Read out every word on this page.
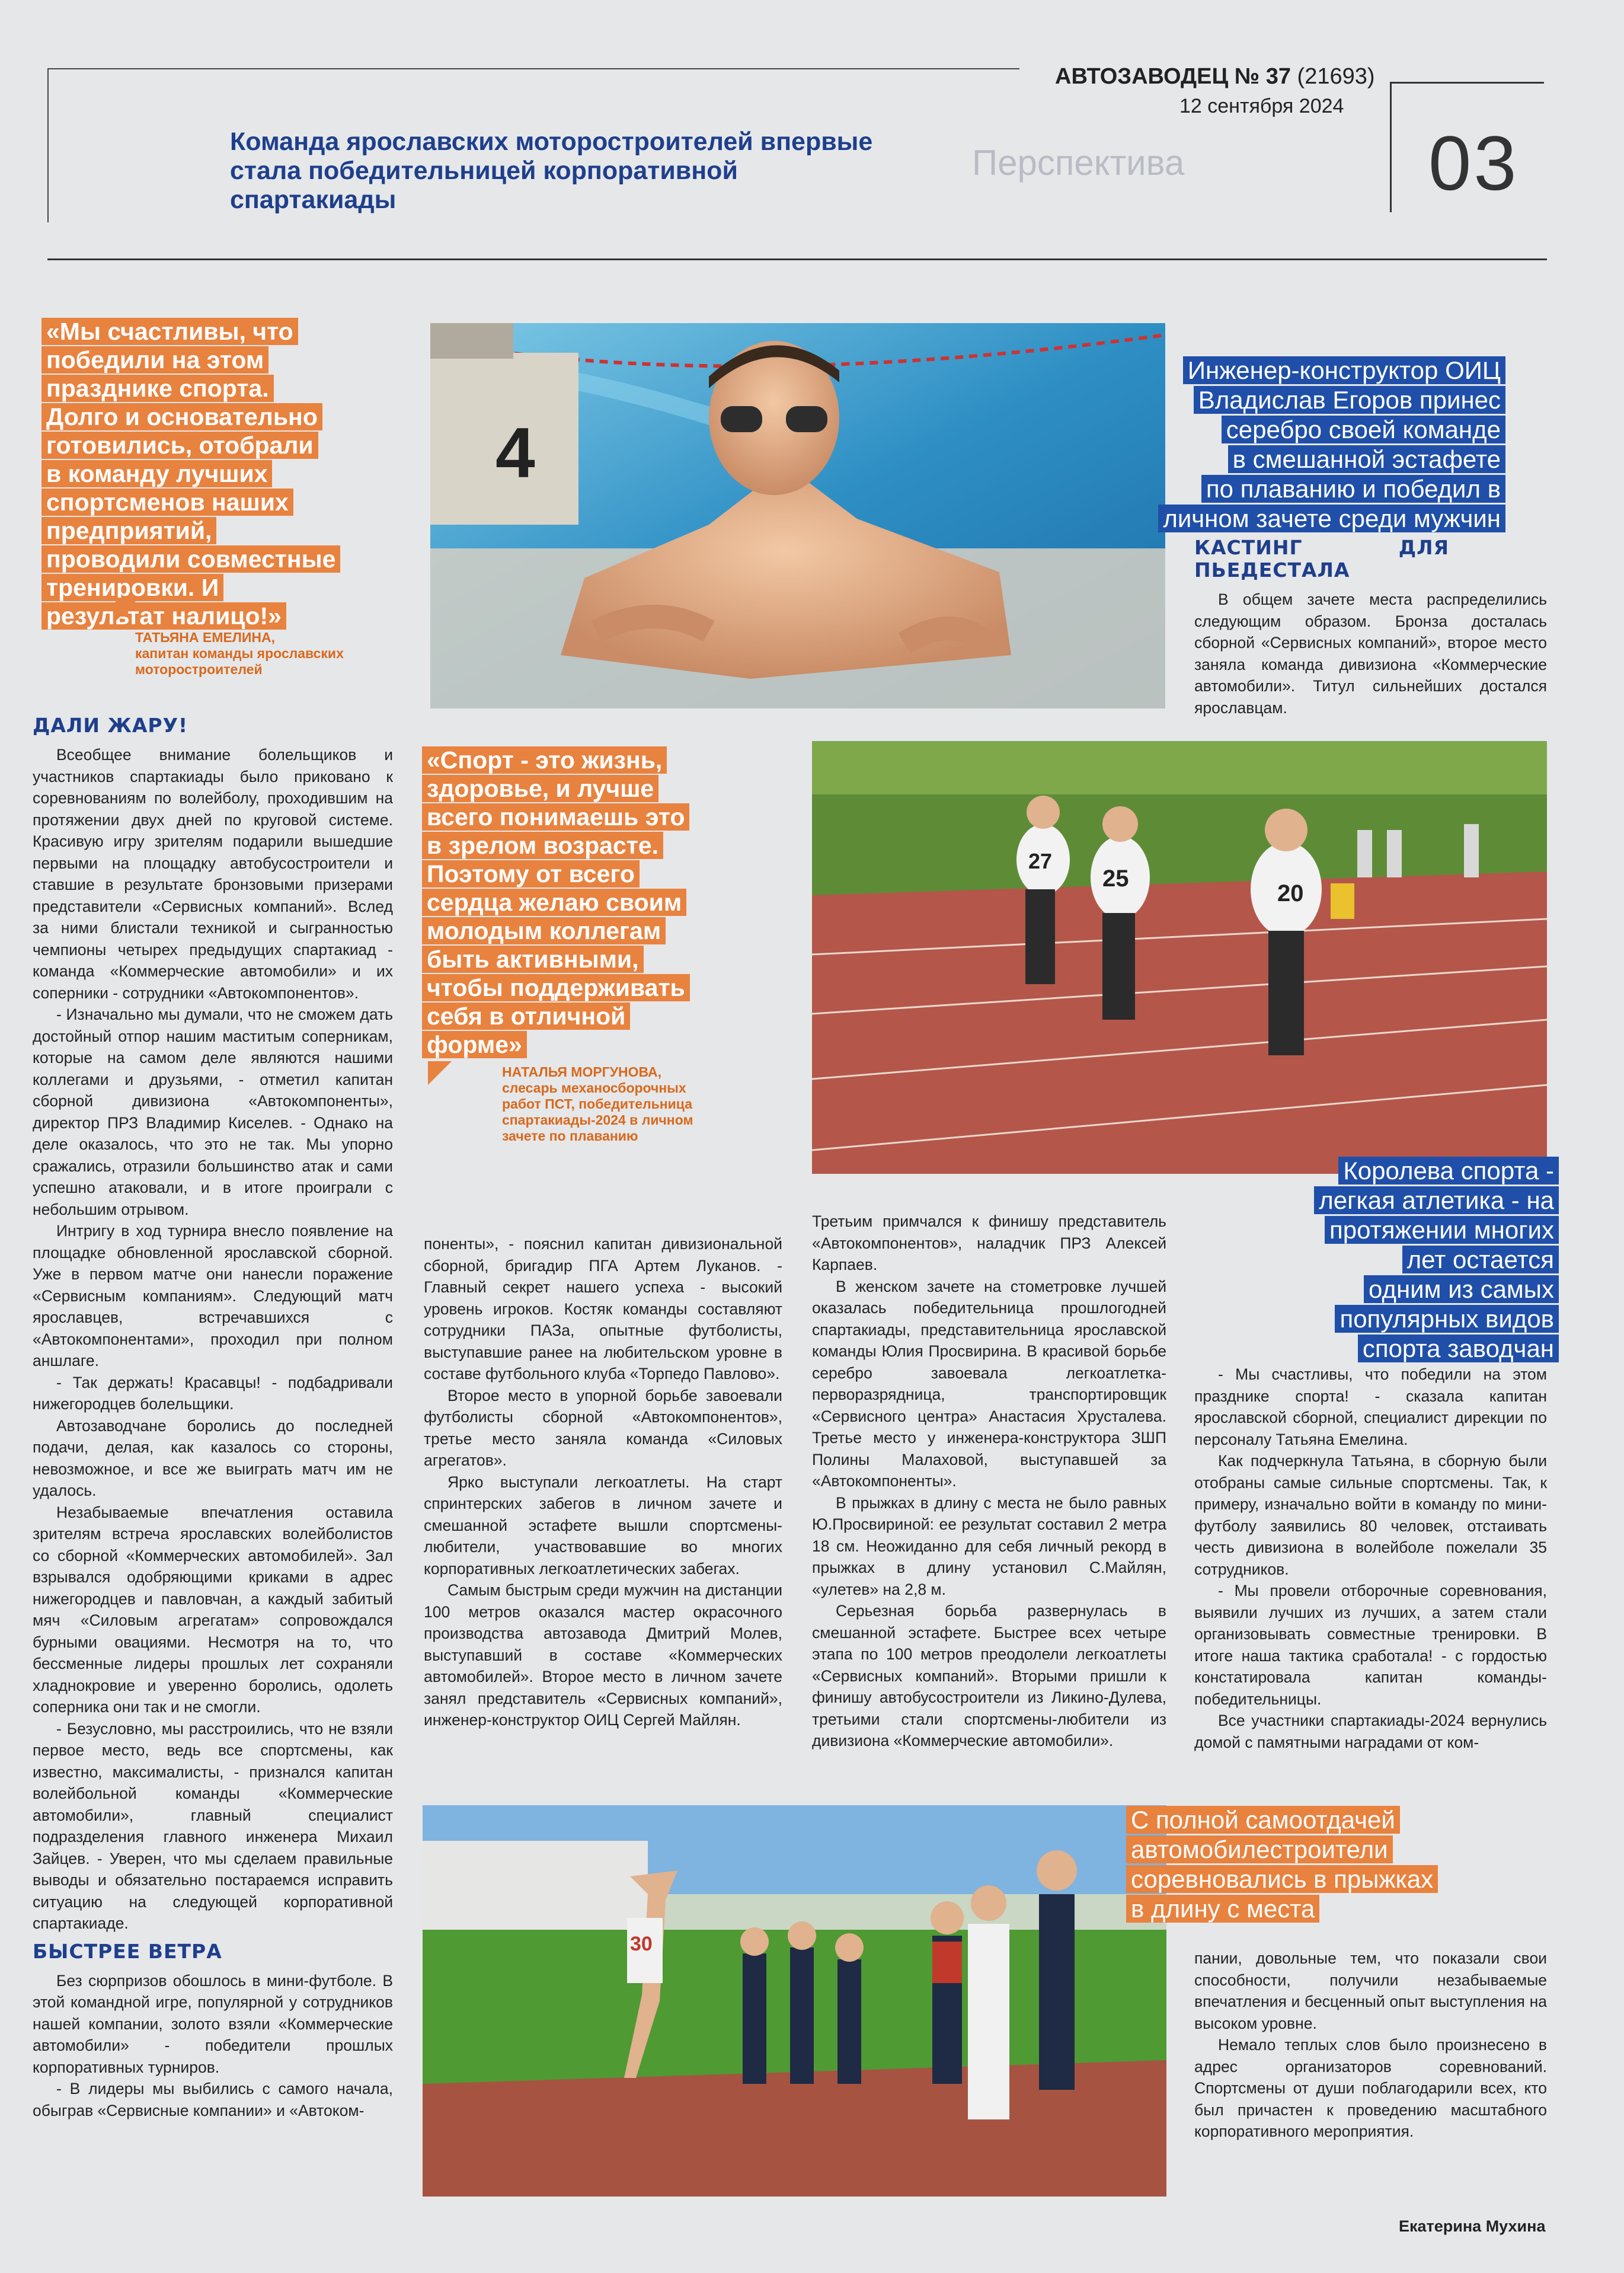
АВТОЗАВОДЕЦ № 37 (21693)
12 сентября 2024
03
Перспектива
Команда ярославских моторостроителей впервые стала победительницей корпоративной спартакиады
4
27
25
20
30
«Мы счастливы, что
победили на этом
празднике спорта.
Долго и основательно
готовились, отобрали
в команду лучших
спортсменов наших
предприятий,
проводили совместные
тренировки. И
результат налицо!»
ТАТЬЯНА ЕМЕЛИНА,
капитан команды ярославских моторостроителей
«Спорт - это жизнь,
здоровье, и лучше
всего понимаешь это
в зрелом возрасте.
Поэтому от всего
сердца желаю своим
молодым коллегам
быть активными,
чтобы поддерживать
себя в отличной
форме»
НАТАЛЬЯ МОРГУНОВА,
слесарь механосборочных работ ПСТ, победительница спартакиады-2024 в личном зачете по плаванию
Инженер-конструктор ОИЦ
Владислав Егоров принес
серебро своей команде
в смешанной эстафете
по плаванию и победил в
личном зачете среди мужчин
Королева спорта -
легкая атлетика - на
протяжении многих
лет остается
одним из самых
популярных видов
спорта заводчан
С полной самоотдачей
автомобилестроители
соревновались в прыжках
в длину с места
ДАЛИ ЖАРУ!

Всеобщее внимание болельщиков и участников спартакиады было приковано к соревнованиям по волейболу, проходившим на протяжении двух дней по круговой системе. Красивую игру зрителям подарили вышедшие первыми на площадку автобусостроители и ставшие в результате бронзовыми призерами представители «Сервисных компаний». Вслед за ними блистали техникой и сыгранностью чемпионы четырех предыдущих спартакиад - команда «Коммерческие автомобили» и их соперники - сотрудники «Автокомпонентов».

- Изначально мы думали, что не сможем дать достойный отпор нашим маститым соперникам, которые на самом деле являются нашими коллегами и друзьями, - отметил капитан сборной дивизиона «Автокомпоненты», директор ПРЗ Владимир Киселев. - Однако на деле оказалось, что это не так. Мы упорно сражались, отразили большинство атак и сами успешно атаковали, и в итоге проиграли с небольшим отрывом.

Интригу в ход турнира внесло появление на площадке обновленной ярославской сборной. Уже в первом матче они нанесли поражение «Сервисным компаниям». Следующий матч ярославцев, встречавшихся с «Автокомпонентами», проходил при полном аншлаге.

- Так держать! Красавцы! - подбадривали нижегородцев болельщики.

Автозаводчане боролись до последней подачи, делая, как казалось со стороны, невозможное, и все же выиграть матч им не удалось.

Незабываемые впечатления оставила зрителям встреча ярославских волейболистов со сборной «Коммерческих автомобилей». Зал взрывался одобряющими криками в адрес нижегородцев и павловчан, а каждый забитый мяч «Силовым агрегатам» сопровождался бурными овациями. Несмотря на то, что бессменные лидеры прошлых лет сохраняли хладнокровие и уверенно боролись, одолеть соперника они так и не смогли.

- Безусловно, мы расстроились, что не взяли первое место, ведь все спортсмены, как известно, максималисты, - признался капитан волейбольной команды «Коммерческие автомобили», главный специалист подразделения главного инженера Михаил Зайцев. - Уверен, что мы сделаем правильные выводы и обязательно постараемся исправить ситуацию на следующей корпоративной спартакиаде.

БЫСТРЕЕ ВЕТРА

Без сюрпризов обошлось в мини-футболе. В этой командной игре, популярной у сотрудников нашей компании, золото взяли «Коммерческие автомобили» - победители прошлых корпоративных турниров.

- В лидеры мы выбились с самого начала, обыграв «Сервисные компании» и «Автоком-

поненты», - пояснил капитан дивизиональной сборной, бригадир ПГА Артем Луканов. - Главный секрет нашего успеха - высокий уровень игроков. Костяк команды составляют сотрудники ПАЗа, опытные футболисты, выступавшие ранее на любительском уровне в составе футбольного клуба «Торпедо Павлово».

Второе место в упорной борьбе завоевали футболисты сборной «Автокомпонентов», третье место заняла команда «Силовых агрегатов».

Ярко выступали легкоатлеты. На старт спринтерских забегов в личном зачете и смешанной эстафете вышли спортсмены-любители, участвовавшие во многих корпоративных легкоатлетических забегах.

Самым быстрым среди мужчин на дистанции 100 метров оказался мастер окрасочного производства автозавода Дмитрий Молев, выступавший в составе «Коммерческих автомобилей». Второе место в личном зачете занял представитель «Сервисных компаний», инженер-конструктор ОИЦ Сергей Майлян.

Третьим примчался к финишу представитель «Автокомпонентов», наладчик ПРЗ Алексей Карпаев.

В женском зачете на стометровке лучшей оказалась победительница прошлогодней спартакиады, представительница ярославской команды Юлия Просвирина. В красивой борьбе серебро завоевала легкоатлетка-перворазрядница, транспортировщик «Сервисного центра» Анастасия Хрусталева. Третье место у инженера-конструктора ЗШП Полины Малаховой, выступавшей за «Автокомпоненты».

В прыжках в длину с места не было равных Ю.Просвириной: ее результат составил 2 метра 18 см. Неожиданно для себя личный рекорд в прыжках в длину установил С.Майлян, «улетев» на 2,8 м.

Серьезная борьба развернулась в смешанной эстафете. Быстрее всех четыре этапа по 100 метров преодолели легкоатлеты «Сервисных компаний». Вторыми пришли к финишу автобусостроители из Ликино-Дулева, третьими стали спортсмены-любители из дивизиона «Коммерческие автомобили».

КАСТИНГ ДЛЯ ПЬЕДЕСТАЛА

В общем зачете места распределились следующим образом. Бронза досталась сборной «Сервисных компаний», второе место заняла команда дивизиона «Коммерческие автомобили». Титул сильнейших достался ярославцам.

- Мы счастливы, что победили на этом празднике спорта! - сказала капитан ярославской сборной, специалист дирекции по персоналу Татьяна Емелина.

Как подчеркнула Татьяна, в сборную были отобраны самые сильные спортсмены. Так, к примеру, изначально войти в команду по мини-футболу заявились 80 человек, отстаивать честь дивизиона в волейболе пожелали 35 сотрудников.

- Мы провели отборочные соревнования, выявили лучших из лучших, а затем стали организовывать совместные тренировки. В итоге наша тактика сработала! - с гордостью констатировала капитан команды-победительницы.

Все участники спартакиады-2024 вернулись домой с памятными наградами от ком-

пании, довольные тем, что показали свои способности, получили незабываемые впечатления и бесценный опыт выступления на высоком уровне.

Немало теплых слов было произнесено в адрес организаторов соревнований. Спортсмены от души поблагодарили всех, кто был причастен к проведению масштабного корпоративного мероприятия.

Екатерина Мухина
